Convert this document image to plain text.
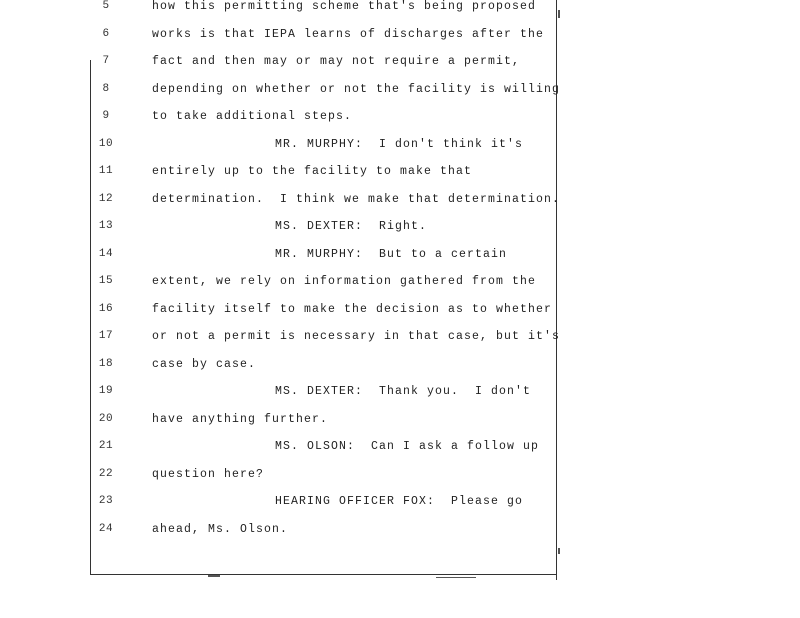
5	how this permitting scheme that's being proposed
6	works is that IEPA learns of discharges after the
7	fact and then may or may not require a permit,
8	depending on whether or not the facility is willing
9	to take additional steps.
10	MR. MURPHY:  I don't think it's
11	entirely up to the facility to make that
12	determination.  I think we make that determination.
13	MS. DEXTER:  Right.
14	MR. MURPHY:  But to a certain
15	extent, we rely on information gathered from the
16	facility itself to make the decision as to whether
17	or not a permit is necessary in that case, but it's
18	case by case.
19	MS. DEXTER:  Thank you.  I don't
20	have anything further.
21	MS. OLSON:  Can I ask a follow up
22	question here?
23	HEARING OFFICER FOX:  Please go
24	ahead, Ms. Olson.
